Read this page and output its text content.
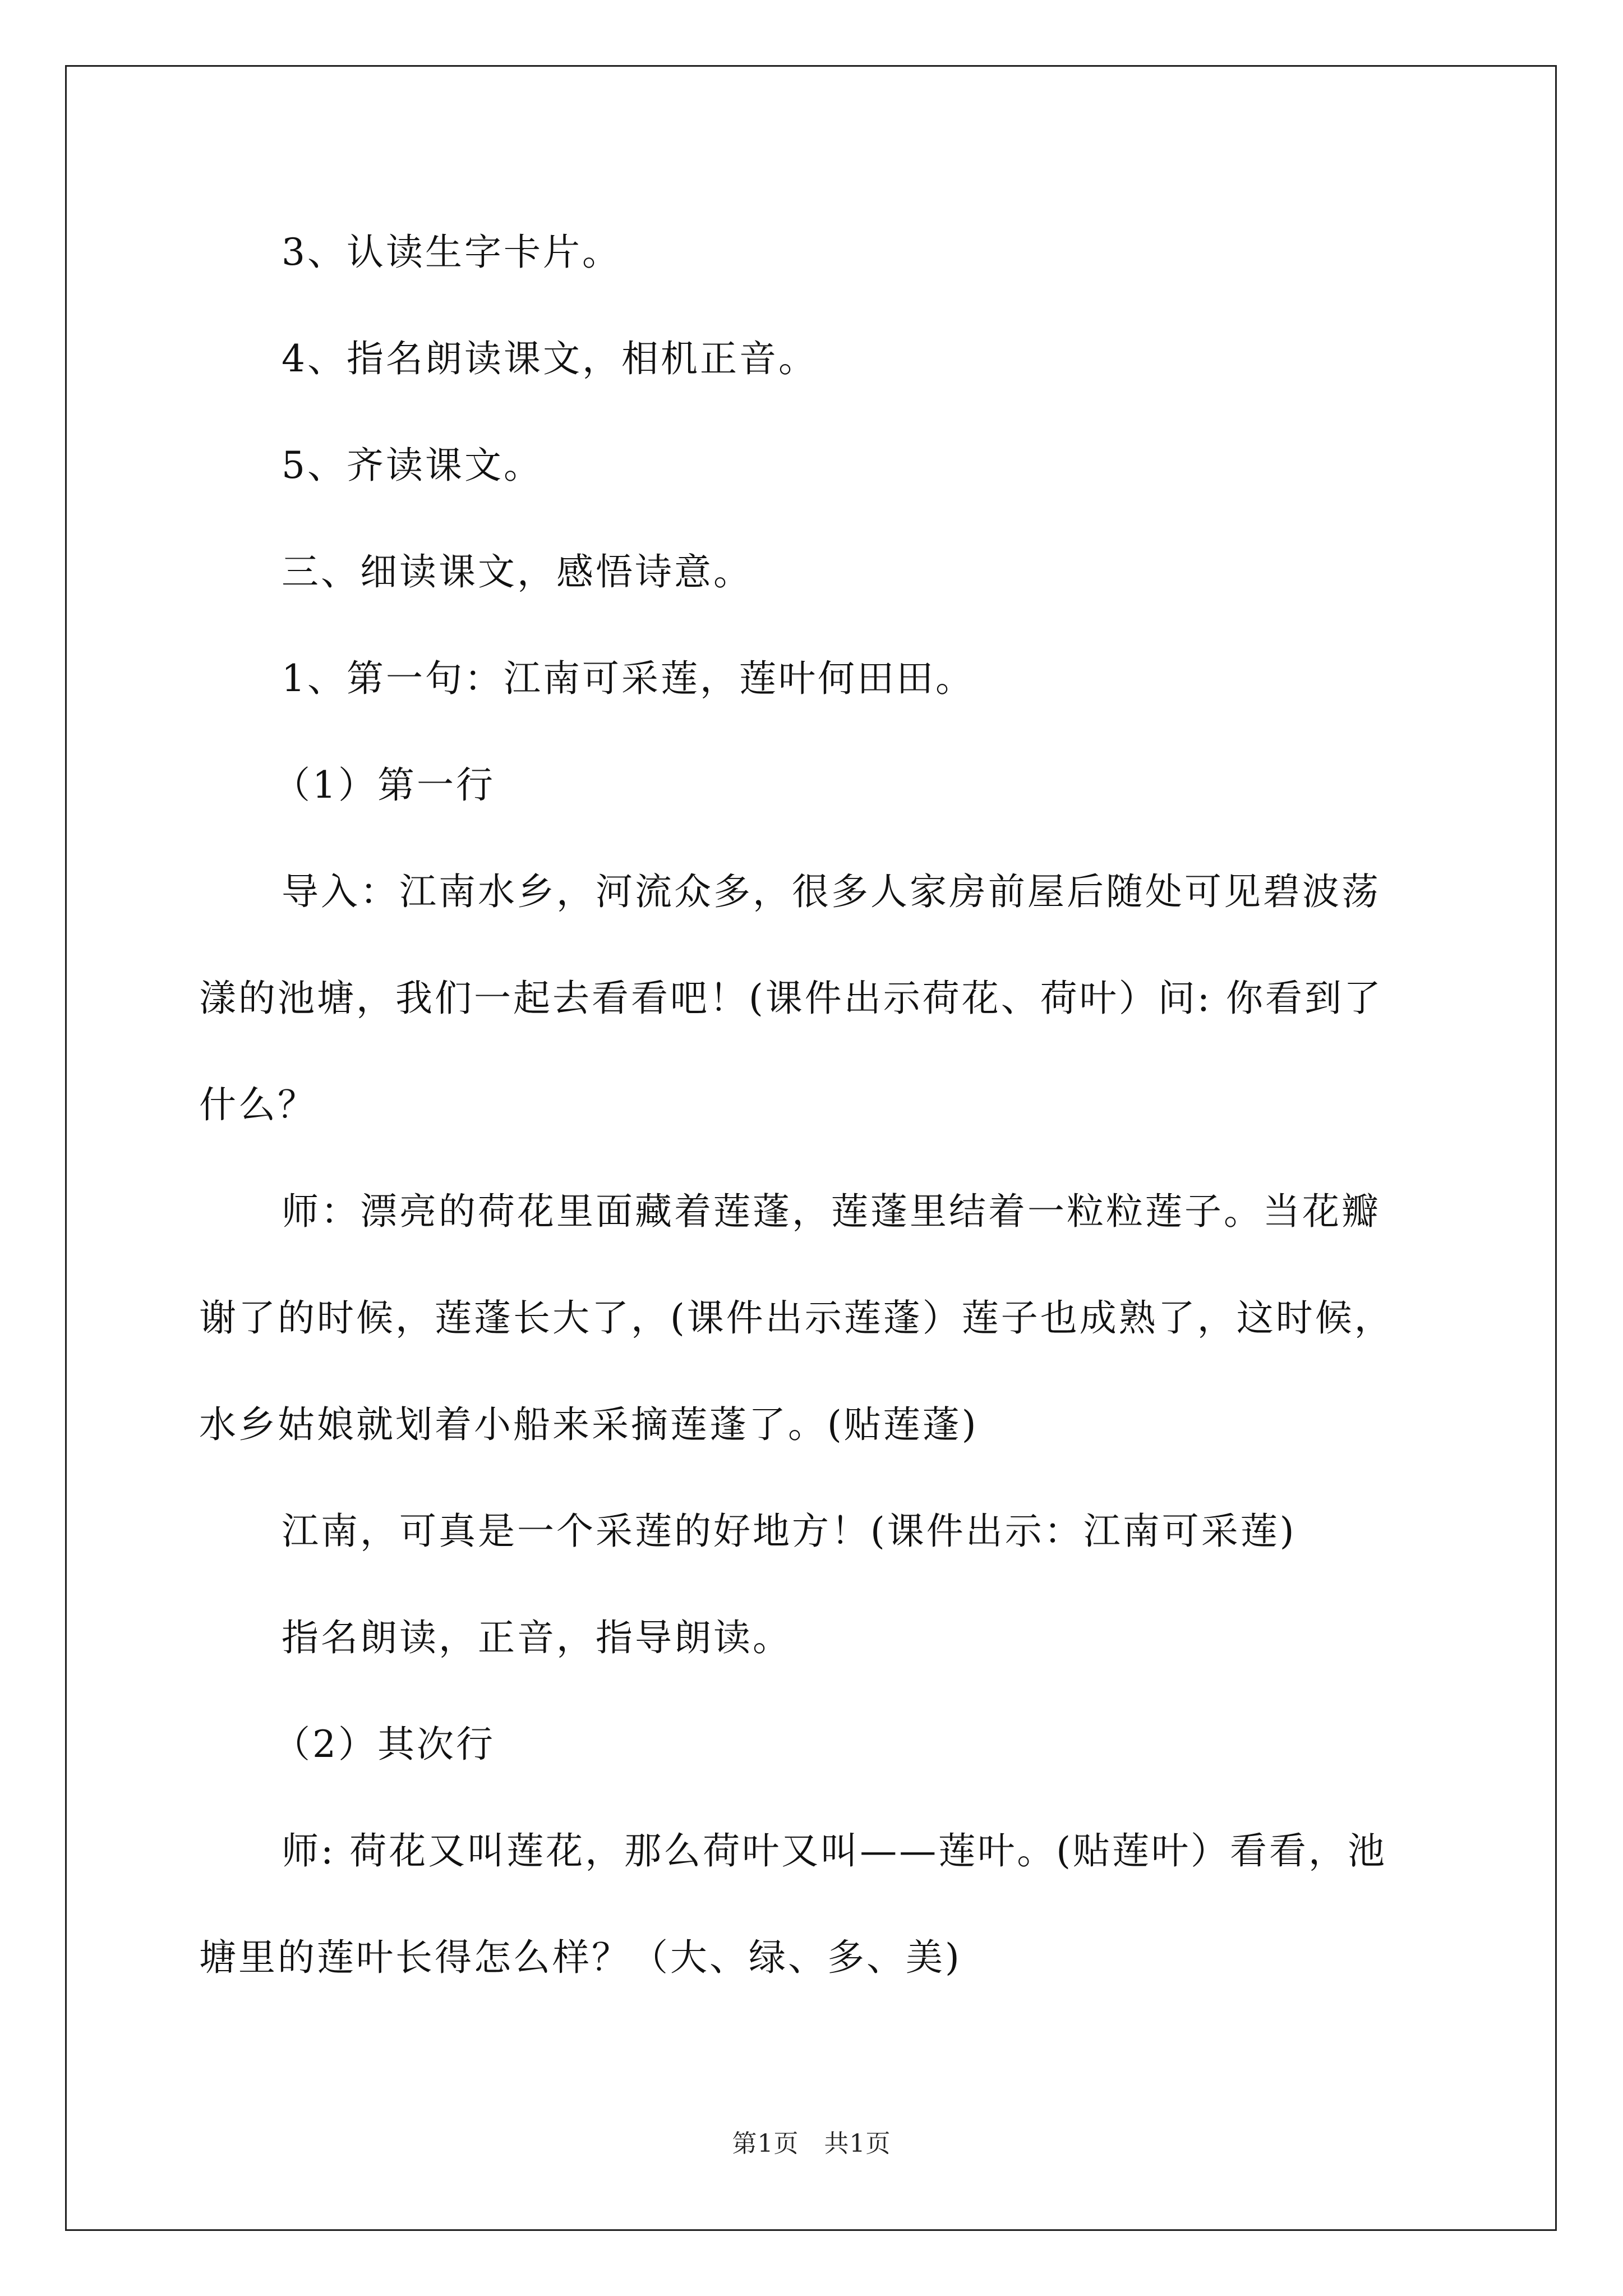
3、认读生字卡片。
4、指名朗读课文，相机正音。
5、齐读课文。
三、细读课文，感悟诗意。
1、第一句：江南可采莲，莲叶何田田。
（1）第一行
导入：江南水乡，河流众多，很多人家房前屋后随处可见碧波荡
漾的池塘，我们一起去看看吧！(课件出示荷花、荷叶）问: 你看到了
什么？
师：漂亮的荷花里面藏着莲蓬，莲蓬里结着一粒粒莲子。当花瓣
谢了的时候，莲蓬长大了，(课件出示莲蓬）莲子也成熟了，这时候，
水乡姑娘就划着小船来采摘莲蓬了。(贴莲蓬)
江南，可真是一个采莲的好地方！(课件出示：江南可采莲)
指名朗读，正音，指导朗读。
（2）其次行
师: 荷花又叫莲花，那么荷叶又叫——莲叶。(贴莲叶）看看，池
塘里的莲叶长得怎么样？（大、绿、多、美)
第1页　共1页
